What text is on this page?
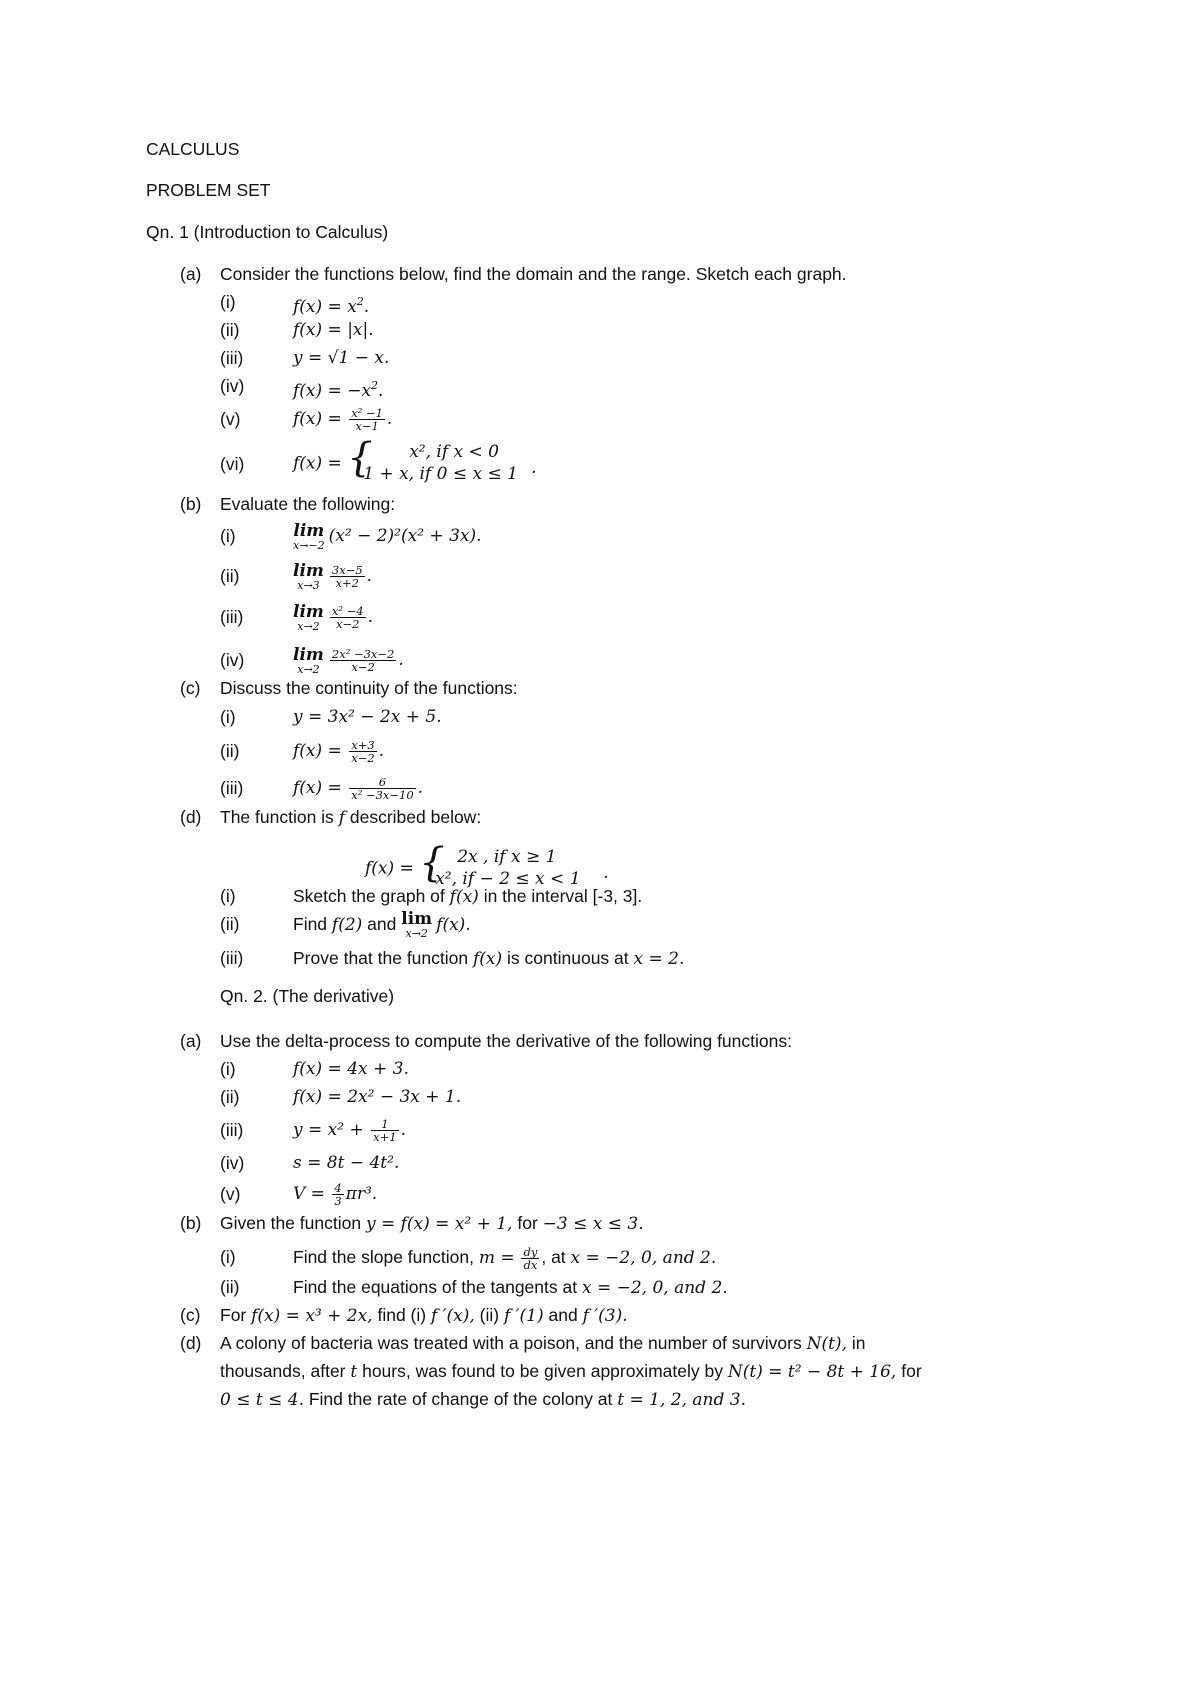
CALCULUS
PROBLEM SET
Qn. 1 (Introduction to Calculus)
(a) Consider the functions below, find the domain and the range. Sketch each graph.
(i)	$f(x) = x^2$.
(ii)	f(x) = |x|.
(iii)	y = √1 − x.
(iv)	$f(x) = -x^2$.
(v)	$f(x) = \frac{\text{x² −1}}{x-1}$ .
(vi)	f(x) = { x², if x < 0
1 + x, if 0 ≤ x ≤ 1 .
(b) Evaluate the following:
(i)	lim
x→−2 (x² − 2)²(x² + 3x).
(ii)	lim
$x\to 3 \frac{3x-5}{x+2}$ .
(iii)	lim
$x\to 2 \frac{\text{x² −4}}{x-2}$ .
(iv)	lim
$x\to 2 \frac{\text{2x² −3x−2}}{x-2}$ .
(c) Discuss the continuity of the functions:
(i)	y = 3x² − 2x + 5.
(ii)	$f(x) = \frac{x+3}{x-2}$ .
(iii)	$f(x) = \frac{6}{\text{x² −3x−10}}$ .
(d) The function is f described below:
f(x) = { 2x , if x ≥ 1
x², if − 2 ≤ x < 1 .
(i)	Sketch the graph of f(x) in the interval [-3, 3].
(ii)	Find f(2) and lim
x→2 f(x).
(iii)	Prove that the function f(x) is continuous at x = 2.
Qn. 2. (The derivative)
(a) Use the delta-process to compute the derivative of the following functions:
(i)	f(x) = 4x + 3.
(ii)	f(x) = 2x² − 3x + 1.
(iii)	$y = x^2 + \frac{1}{x+1}$ .
(iv)	s = 8t − 4t².
(v)	$V = \frac{4}{3} \pi r^3$.
(b) Given the function y = f(x) = x² + 1, for −3 ≤ x ≤ 3.
(i)	Find the slope function, $m = \frac{dy}{dx}$ , at x = −2, 0, and 2.
(ii)	Find the equations of the tangents at x = −2, 0, and 2.
(c) For f(x) = x³ + 2x, find (i) f ′(x), (ii) f ′(1) and f ′(3).
(d) A colony of bacteria was treated with a poison, and the number of survivors N(t), in
thousands, after t hours, was found to be given approximately by N(t) = t² − 8t + 16, for
0 ≤ t ≤ 4. Find the rate of change of the colony at t = 1, 2, and 3.
